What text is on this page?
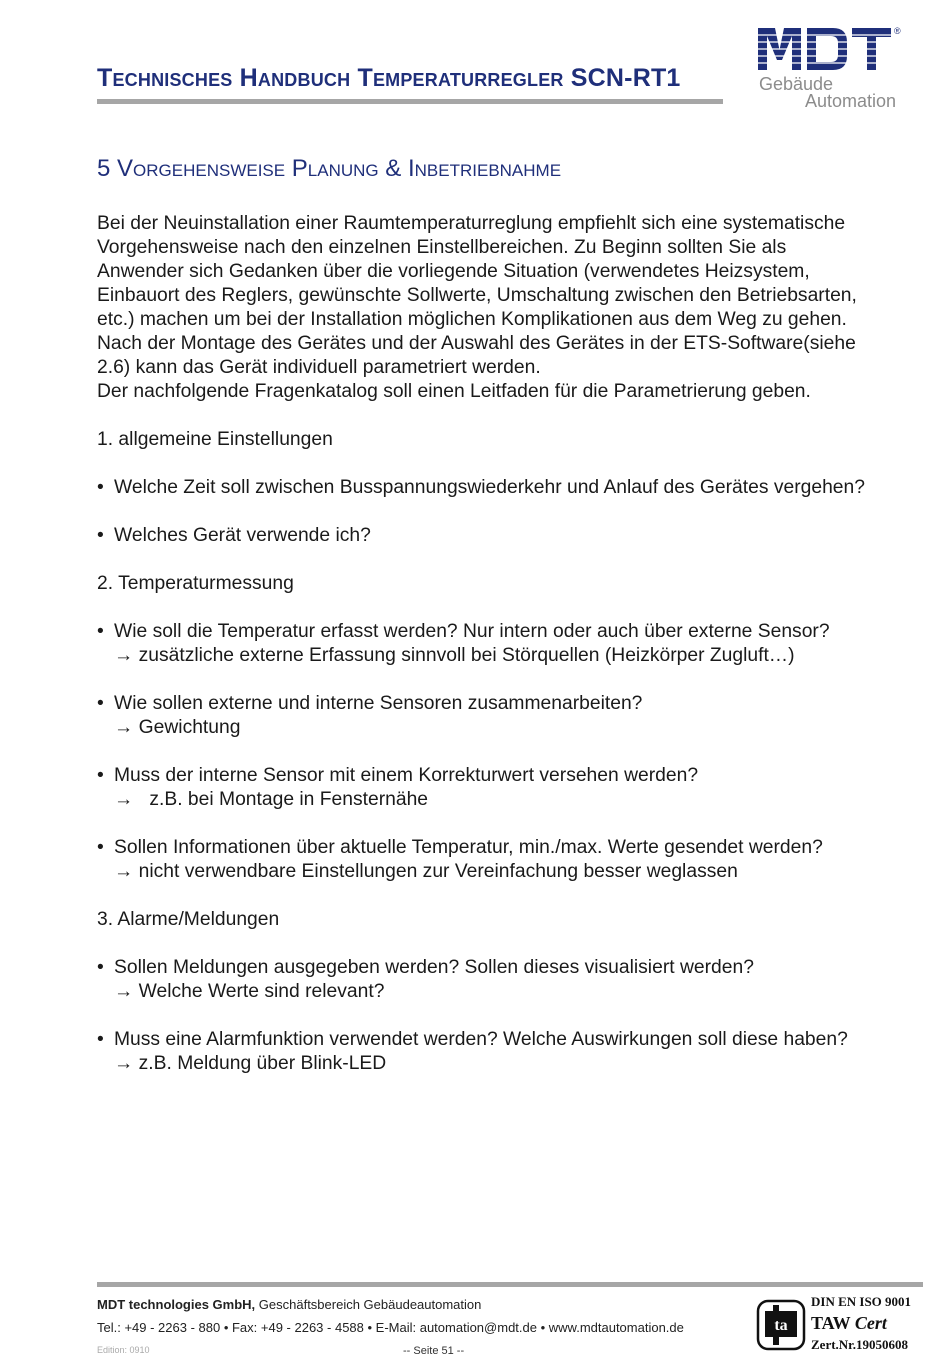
Technisches Handbuch Temperaturregler SCN-RT1
®
Gebäude
Automation
5 Vorgehensweise Planung & Inbetriebnahme
Bei der Neuinstallation einer Raumtemperaturreglung empfiehlt sich eine systematische
Vorgehensweise nach den einzelnen Einstellbereichen. Zu Beginn sollten Sie als
Anwender sich Gedanken über die vorliegende Situation (verwendetes Heizsystem,
Einbauort des Reglers, gewünschte Sollwerte, Umschaltung zwischen den Betriebsarten,
etc.) machen um bei der Installation möglichen Komplikationen aus dem Weg zu gehen.
Nach der Montage des Gerätes und der Auswahl des Gerätes in der ETS-Software(siehe
2.6) kann das Gerät individuell parametriert werden.
Der nachfolgende Fragenkatalog soll einen Leitfaden für die Parametrierung geben.
1. allgemeine Einstellungen
• Welche Zeit soll zwischen Busspannungswiederkehr und Anlauf des Gerätes vergehen?
• Welches Gerät verwende ich?
2. Temperaturmessung
• Wie soll die Temperatur erfasst werden? Nur intern oder auch über externe Sensor?
→ zusätzliche externe Erfassung sinnvoll bei Störquellen (Heizkörper Zugluft…)
• Wie sollen externe und interne Sensoren zusammenarbeiten?
→ Gewichtung
• Muss der interne Sensor mit einem Korrekturwert versehen werden?
→   z.B. bei Montage in Fensternähe
• Sollen Informationen über aktuelle Temperatur, min./max. Werte gesendet werden?
→ nicht verwendbare Einstellungen zur Vereinfachung besser weglassen
3. Alarme/Meldungen
• Sollen Meldungen ausgegeben werden? Sollen dieses visualisiert werden?
→ Welche Werte sind relevant?
• Muss eine Alarmfunktion verwendet werden? Welche Auswirkungen soll diese haben?
→ z.B. Meldung über Blink-LED
MDT technologies GmbH, Geschäftsbereich Gebäudeautomation
Tel.: +49 - 2263 - 880 • Fax: +49 - 2263 - 4588 • E-Mail: automation@mdt.de • www.mdtautomation.de
Edition: 0910	-- Seite 51 --
ta
DIN EN ISO 9001
TAW Cert
Zert.Nr.19050608
